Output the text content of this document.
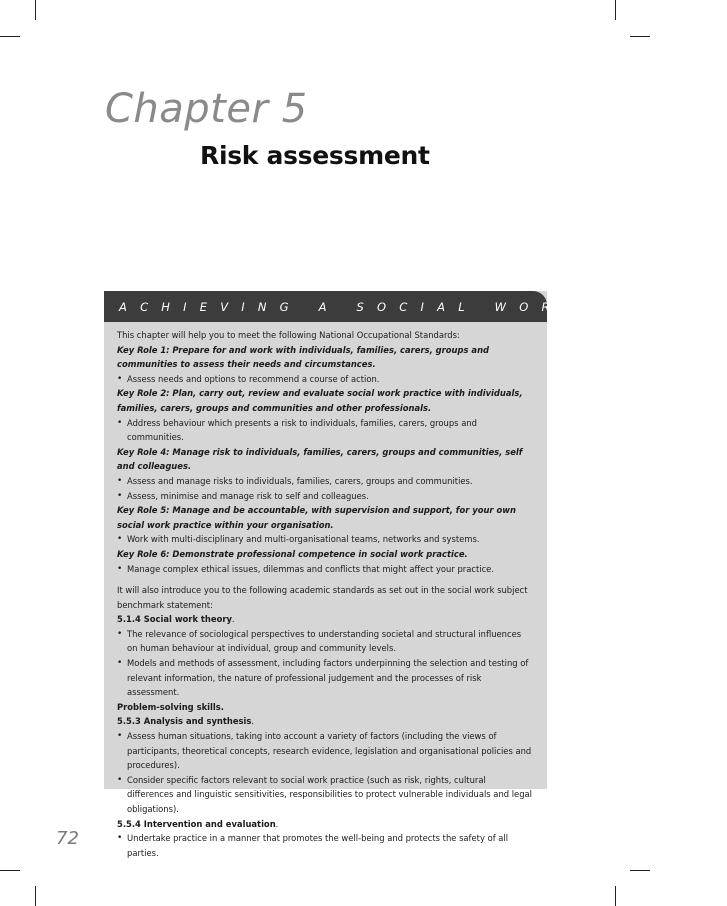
Chapter 5
Risk assessment
ACHIEVING A SOCIAL WORK DEGREE

This chapter will help you to meet the following National Occupational Standards:

Key Role 1: Prepare for and work with individuals, families, carers, groups and communities to assess their needs and circumstances.

• Assess needs and options to recommend a course of action.

Key Role 2: Plan, carry out, review and evaluate social work practice with individuals, families, carers, groups and communities and other professionals.

• Address behaviour which presents a risk to individuals, families, carers, groups and communities.

Key Role 4: Manage risk to individuals, families, carers, groups and communities, self and colleagues.

• Assess and manage risks to individuals, families, carers, groups and communities.

• Assess, minimise and manage risk to self and colleagues.

Key Role 5: Manage and be accountable, with supervision and support, for your own social work practice within your organisation.

• Work with multi-disciplinary and multi-organisational teams, networks and systems.

Key Role 6: Demonstrate professional competence in social work practice.

• Manage complex ethical issues, dilemmas and conflicts that might affect your practice.

It will also introduce you to the following academic standards as set out in the social work subject benchmark statement:

5.1.4 Social work theory.

• The relevance of sociological perspectives to understanding societal and structural influences on human behaviour at individual, group and community levels.

• Models and methods of assessment, including factors underpinning the selection and testing of relevant information, the nature of professional judgement and the processes of risk assessment.

Problem-solving skills.

5.5.3 Analysis and synthesis.

• Assess human situations, taking into account a variety of factors (including the views of participants, theoretical concepts, research evidence, legislation and organisational policies and procedures).

• Consider specific factors relevant to social work practice (such as risk, rights, cultural differences and linguistic sensitivities, responsibilities to protect vulnerable individuals and legal obligations).

5.5.4 Intervention and evaluation.

• Undertake practice in a manner that promotes the well-being and protects the safety of all parties.

72
